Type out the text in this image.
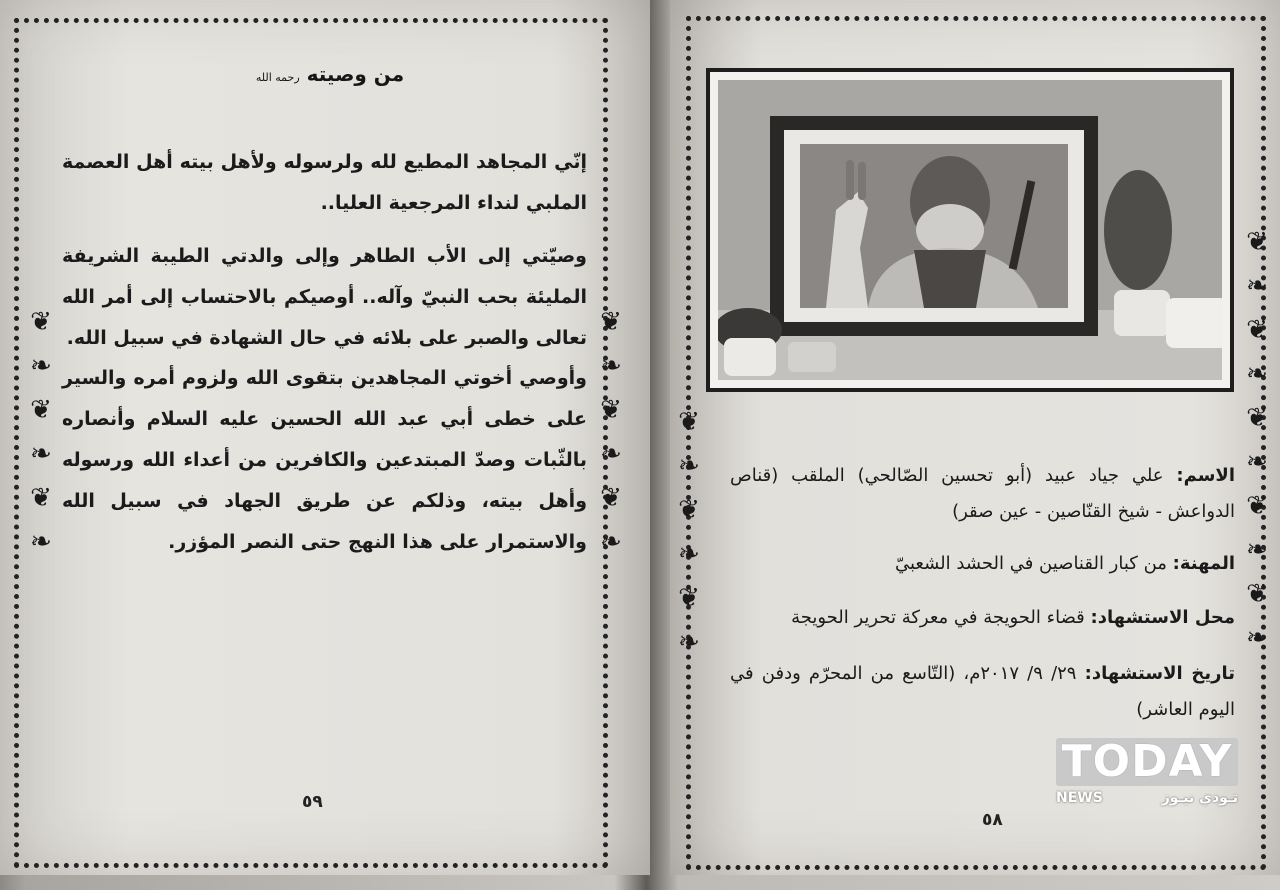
❦
❧
❦
❧
❦
❧
❦
❧
❦
❧
❦
❧
من وصيته رحمه الله
إنّي المجاهد المطيع لله ولرسوله ولأهل بيته أهل العصمة الملبي لنداء المرجعية العليا..
وصيّتي إلى الأب الطاهر وإلى والدتي الطيبة الشريفة المليئة بحب النبيّ وآله.. أوصيكم بالاحتساب إلى أمر الله تعالى والصبر على بلائه في حال الشهادة في سبيل الله.
وأوصي أخوتي المجاهدين بتقوى الله ولزوم أمره والسير على خطى أبي عبد الله الحسين عليه السلام وأنصاره بالثّبات وصدّ المبتدعين والكافرين من أعداء الله ورسوله وأهل بيته، وذلكم عن طريق الجهاد في سبيل الله والاستمرار على هذا النهج حتى النصر المؤزر.
٥٩
❦
❧
❦
❧
❦
❧
❦
❧
❦
❧
❦
❧
❦
❧
❦
❧
الاسم: علي جياد عبيد (أبو تحسين الصّالحي) الملقب (قناص الدواعش - شيخ القنّاصين - عين صقر)
المهنة: من كبار القناصين في الحشد الشعبيّ
محل الاستشهاد: قضاء الحويجة في معركة تحرير الحويجة
تاريخ الاستشهاد: ٢٩/ ٩/ ٢٠١٧م، (التّاسع من المحرّم ودفن في اليوم العاشر)
٥٨
TODAY
NEWS	تـودي نيـوز
